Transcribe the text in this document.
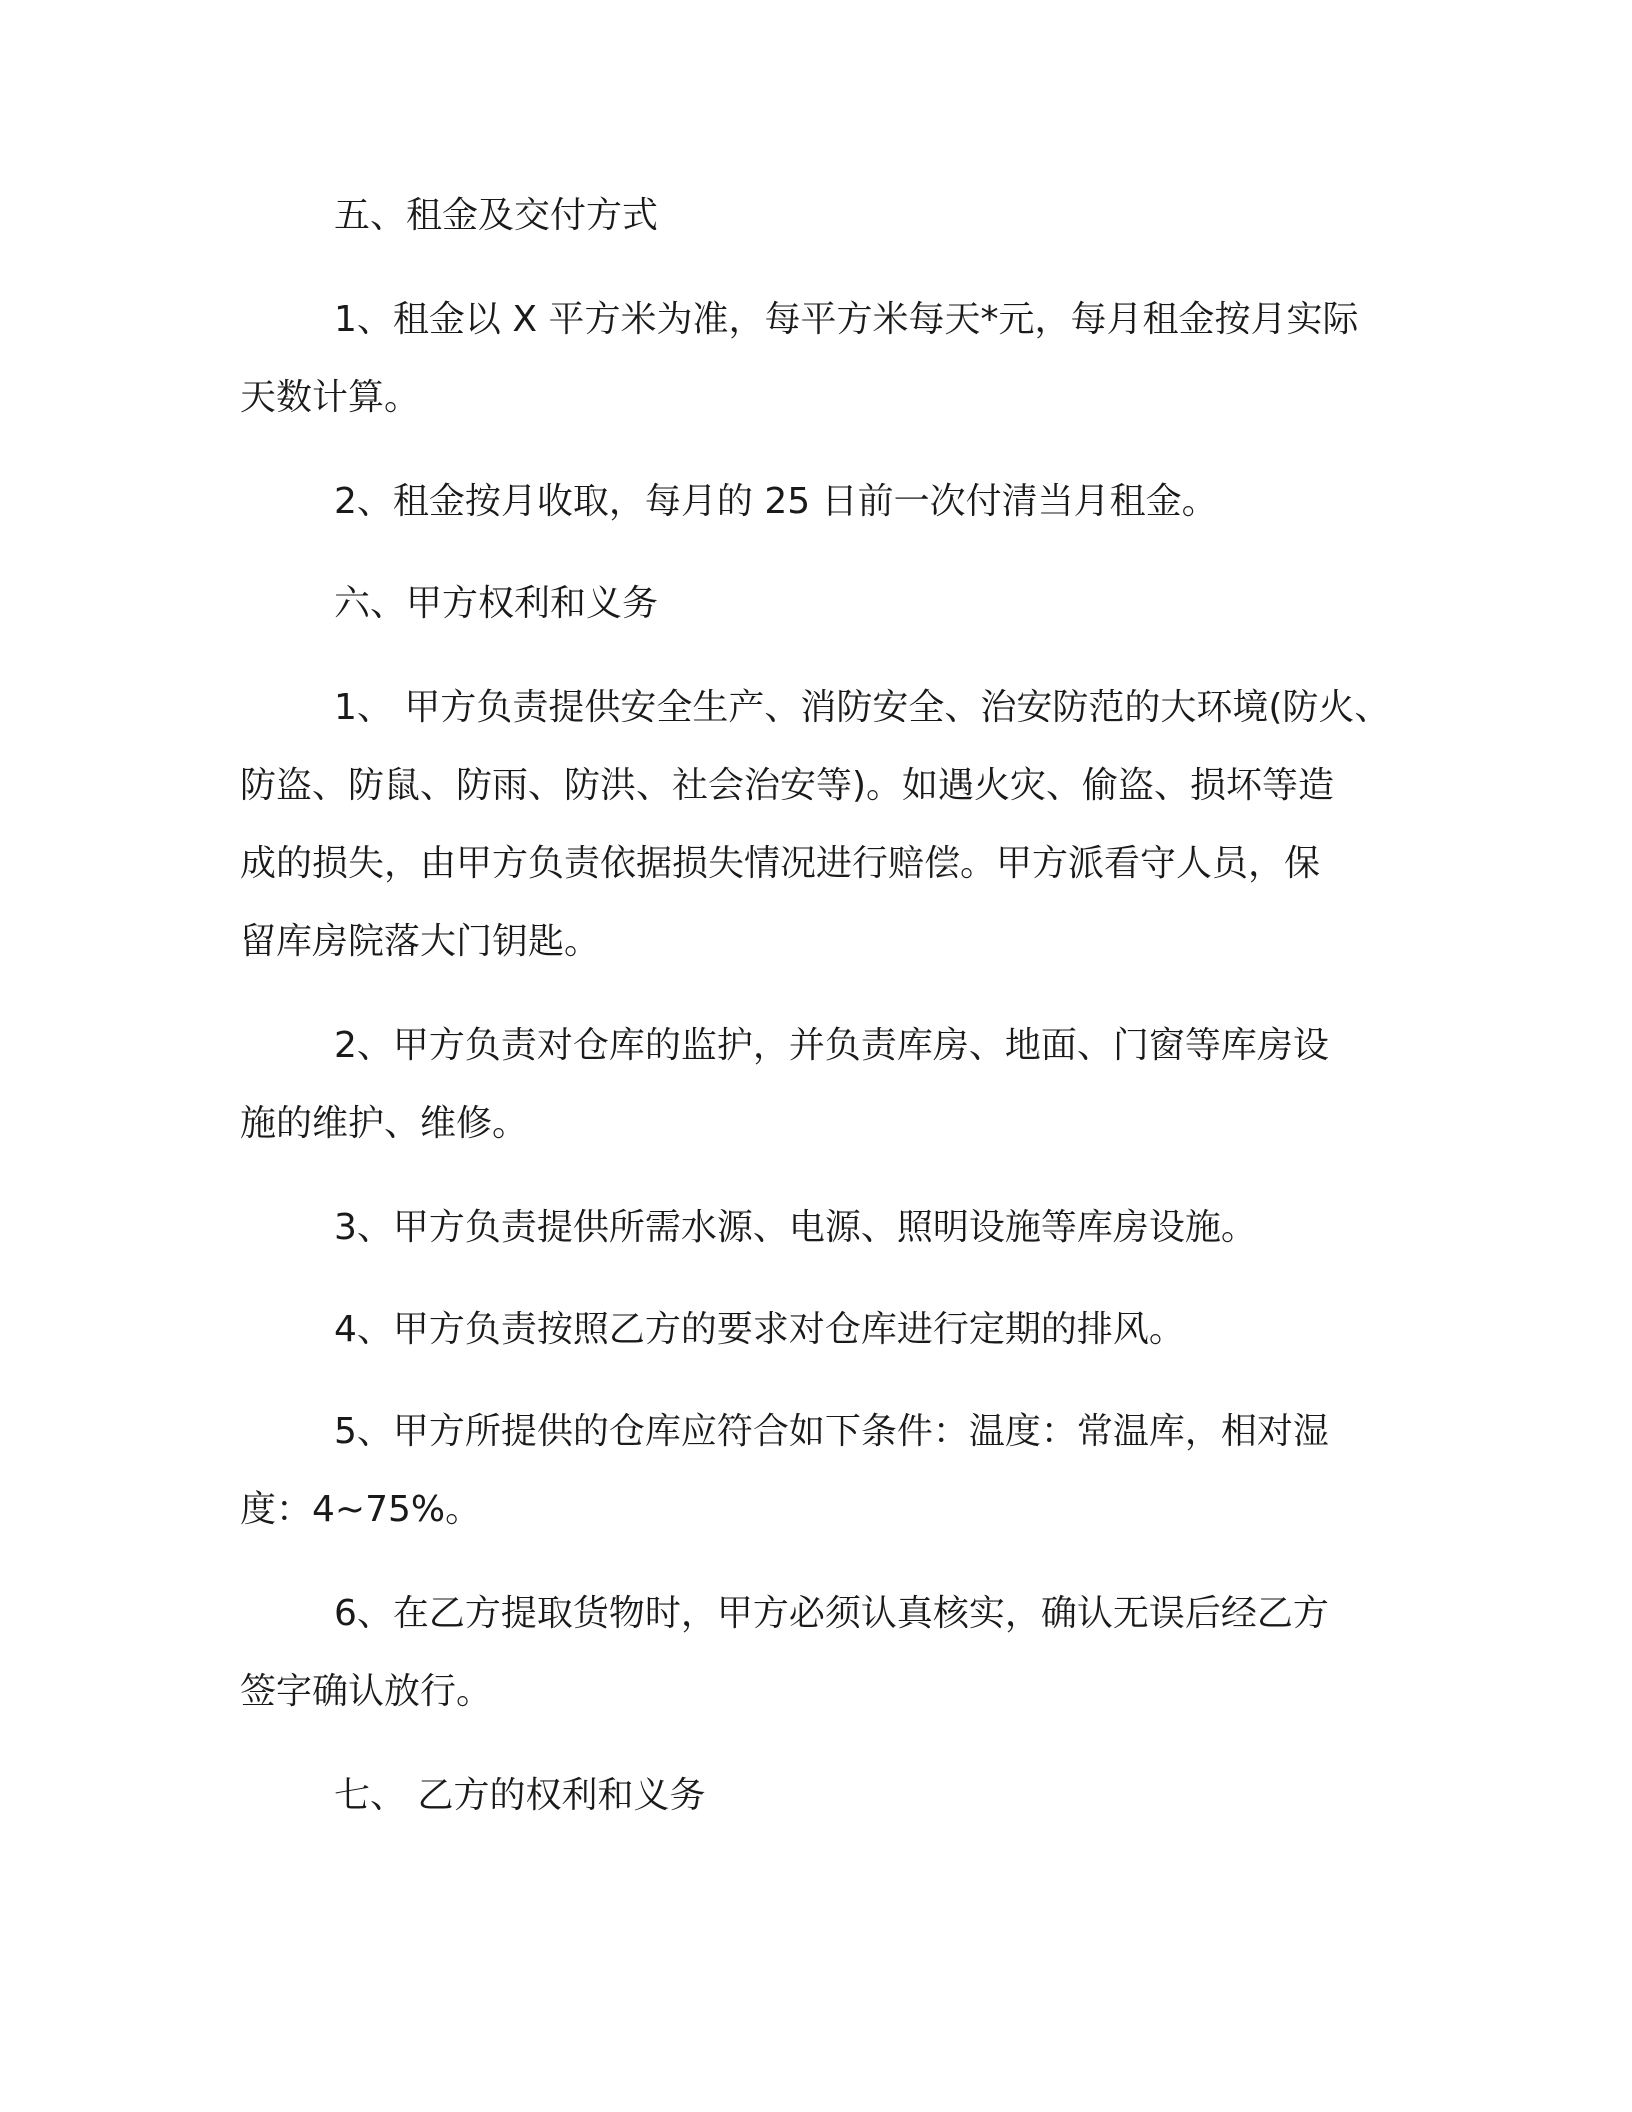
五、租金及交付方式

1、租金以 X 平方米为准，每平方米每天*元，每月租金按月实际

天数计算。

2、租金按月收取，每月的 25 日前一次付清当月租金。

六、甲方权利和义务

1、 甲方负责提供安全生产、消防安全、治安防范的大环境(防火、

防盗、防鼠、防雨、防洪、社会治安等)。如遇火灾、偷盗、损坏等造

成的损失，由甲方负责依据损失情况进行赔偿。甲方派看守人员，保

留库房院落大门钥匙。

2、甲方负责对仓库的监护，并负责库房、地面、门窗等库房设

施的维护、维修。

3、甲方负责提供所需水源、电源、照明设施等库房设施。

4、甲方负责按照乙方的要求对仓库进行定期的排风。

5、甲方所提供的仓库应符合如下条件：温度：常温库，相对湿

度：4~75%。

6、在乙方提取货物时，甲方必须认真核实，确认无误后经乙方

签字确认放行。

七、 乙方的权利和义务
